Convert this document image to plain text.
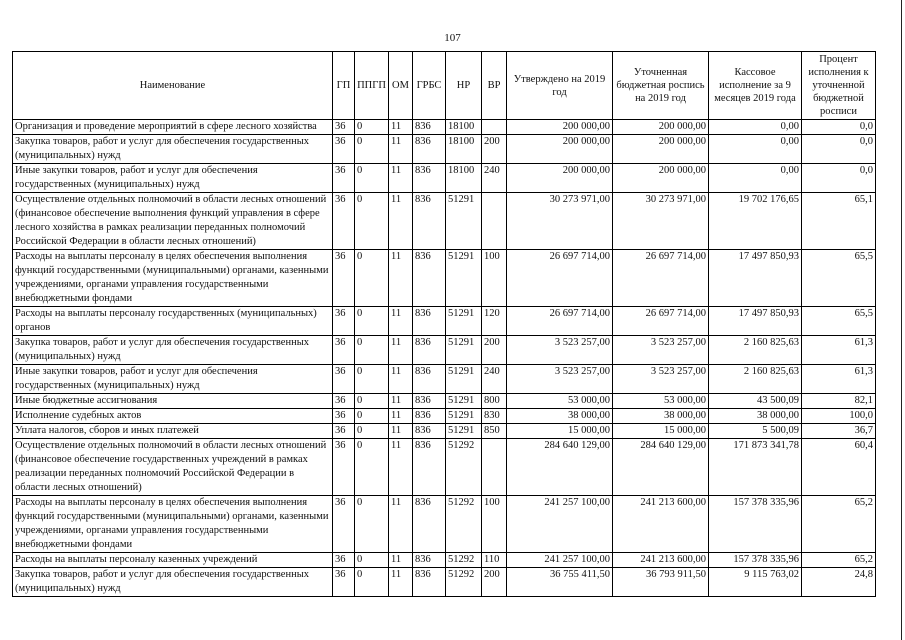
107
Наименование	ГП	ППГП	ОМ	ГРБС	НР	ВР	Утверждено на 2019 год	Уточненная бюджетная роспись на 2019 год	Кассовое исполнение за 9 месяцев 2019 года	Процент исполнения к уточненной бюджетной росписи
Организация и проведение мероприятий в сфере лесного хозяйства	36	0	11	836	18100		200 000,00	200 000,00	0,00	0,0
Закупка товаров, работ и услуг для обеспечения государственных (муниципальных) нужд	36	0	11	836	18100	200	200 000,00	200 000,00	0,00	0,0
Иные закупки товаров, работ и услуг для обеспечения государственных (муниципальных) нужд	36	0	11	836	18100	240	200 000,00	200 000,00	0,00	0,0
Осуществление отдельных полномочий в области лесных отношений (финансовое обеспечение выполнения функций управления в сфере лесного хозяйства в рамках реализации переданных полномочий Российской Федерации в области лесных отношений)	36	0	11	836	51291		30 273 971,00	30 273 971,00	19 702 176,65	65,1
Расходы на выплаты персоналу в целях обеспечения выполнения функций государственными (муниципальными) органами, казенными учреждениями, органами управления государственными внебюджетными фондами	36	0	11	836	51291	100	26 697 714,00	26 697 714,00	17 497 850,93	65,5
Расходы на выплаты персоналу государственных (муниципальных) органов	36	0	11	836	51291	120	26 697 714,00	26 697 714,00	17 497 850,93	65,5
Закупка товаров, работ и услуг для обеспечения государственных (муниципальных) нужд	36	0	11	836	51291	200	3 523 257,00	3 523 257,00	2 160 825,63	61,3
Иные закупки товаров, работ и услуг для обеспечения государственных (муниципальных) нужд	36	0	11	836	51291	240	3 523 257,00	3 523 257,00	2 160 825,63	61,3
Иные бюджетные ассигнования	36	0	11	836	51291	800	53 000,00	53 000,00	43 500,09	82,1
Исполнение судебных актов	36	0	11	836	51291	830	38 000,00	38 000,00	38 000,00	100,0
Уплата налогов, сборов и иных платежей	36	0	11	836	51291	850	15 000,00	15 000,00	5 500,09	36,7
Осуществление отдельных полномочий в области лесных отношений (финансовое обеспечение государственных учреждений в рамках реализации переданных полномочий Российской Федерации в области лесных отношений)	36	0	11	836	51292		284 640 129,00	284 640 129,00	171 873 341,78	60,4
Расходы на выплаты персоналу в целях обеспечения выполнения функций государственными (муниципальными) органами, казенными учреждениями, органами управления государственными внебюджетными фондами	36	0	11	836	51292	100	241 257 100,00	241 213 600,00	157 378 335,96	65,2
Расходы на выплаты персоналу казенных учреждений	36	0	11	836	51292	110	241 257 100,00	241 213 600,00	157 378 335,96	65,2
Закупка товаров, работ и услуг для обеспечения государственных (муниципальных) нужд	36	0	11	836	51292	200	36 755 411,50	36 793 911,50	9 115 763,02	24,8
